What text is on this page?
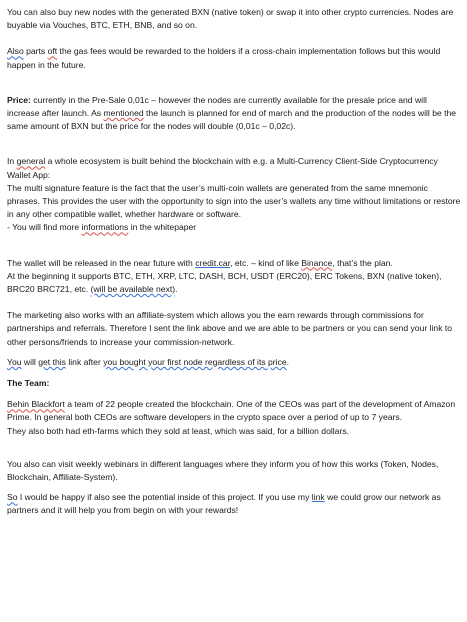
You can also buy new nodes with the generated BXN (native token) or swap it into other crypto currencies. Nodes are buyable via Vouches, BTC, ETH, BNB, and so on.

Also parts oft the gas fees would be rewarded to the holders if a cross-chain implementation follows but this would happen in the future.

Price: currently in the Pre-Sale 0,01c – however the nodes are currently available for the presale price and will increase after launch. As mentioned the launch is planned for end of march and the production of the nodes will be the same amount of BXN but the price for the nodes will double (0,01c – 0,02c).

In general a whole ecosystem is built behind the blockchain with e.g. a Multi-Currency Client-Side Cryptocurrency Wallet App:

The multi signature feature is the fact that the user’s multi-coin wallets are generated from the same mnemonic phrases. This provides the user with the opportunity to sign into the user’s wallets any time without limitations or restore in any other compatible wallet, whether hardware or software.

- You will find more informations in the whitepaper

The wallet will be released in the near future with credit.car, etc. – kind of like Binance, that’s the plan.

At the beginning it supports BTC, ETH, XRP, LTC, DASH, BCH, USDT (ERC20), ERC Tokens, BXN (native token), BRC20 BRC721, etc. (will be available next).

The marketing also works with an affiliate-system which allows you the earn rewards through commissions for partnerships and referrals. Therefore I sent the link above and we are able to be partners or you can send your link to other persons/friends to increase your commission-network.

You will get this link after you bought your first node regardless of its price.

The Team:

Behin Blackfort a team of 22 people created the blockchain. One of the CEOs was part of the development of Amazon Prime. In general both CEOs are software developers in the crypto space over a period of up to 7 years.

They also both had eth-farms which they sold at least, which was said, for a billion dollars.

You also can visit weekly webinars in different languages where they inform you of how this works (Token, Nodes, Blockchain, Affiliate-System).

So I would be happy if also see the potential inside of this project. If you use my link we could grow our network as partners and it will help you from begin on with your rewards!
